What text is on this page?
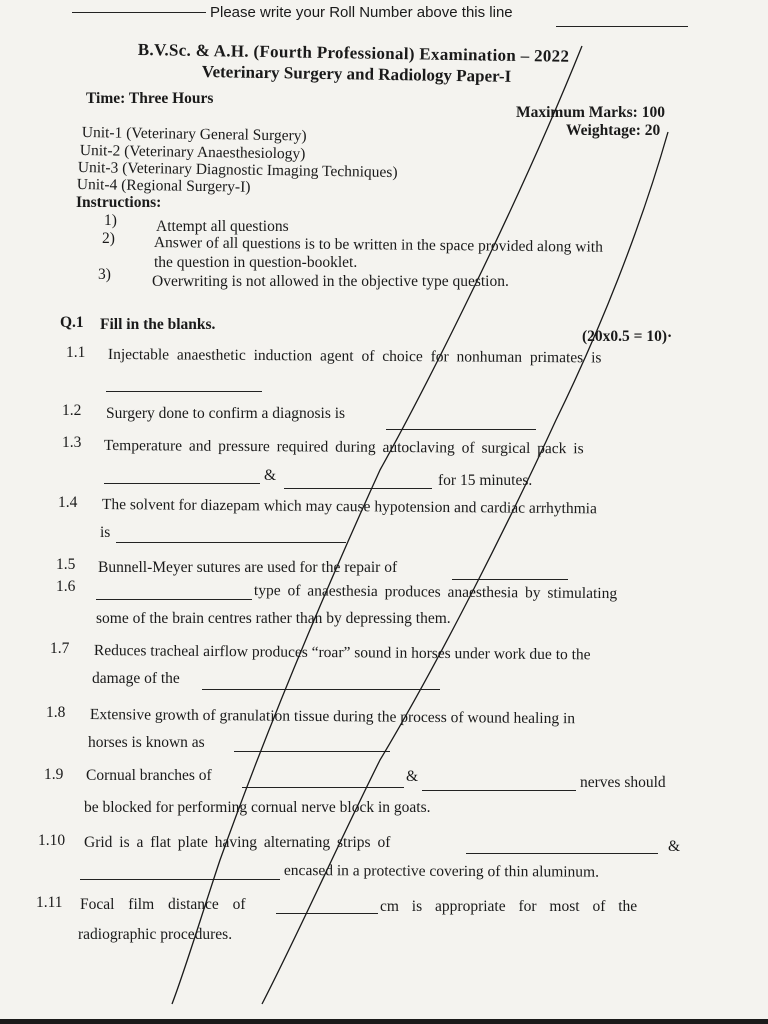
Please write your Roll Number above this line
B.V.Sc. & A.H. (Fourth Professional) Examination – 2022
Veterinary Surgery and Radiology Paper-I
Time: Three Hours
Maximum Marks: 100
Weightage: 20
Unit-1 (Veterinary General Surgery)
Unit-2 (Veterinary Anaesthesiology)
Unit-3 (Veterinary Diagnostic Imaging Techniques)
Unit-4 (Regional Surgery-I)
Instructions:
1)	Attempt all questions
2)	Answer of all questions is to be written in the space provided along with
the question in question-booklet.
3)	Overwriting is not allowed in the objective type question.
Q.1 Fill in the blanks.
(20x0.5 = 10)·
1.1 Injectable anaesthetic induction agent of choice for nonhuman primates is
1.2 Surgery done to confirm a diagnosis is
1.3 Temperature and pressure required during autoclaving of surgical pack is
&	for 15 minutes.
1.4 The solvent for diazepam which may cause hypotension and cardiac arrhythmia
is
1.5 Bunnell-Meyer sutures are used for the repair of
1.6	type of anaesthesia produces anaesthesia by stimulating
some of the brain centres rather than by depressing them.
1.7 Reduces tracheal airflow produces “roar” sound in horses under work due to the
damage of the
1.8 Extensive growth of granulation tissue during the process of wound healing in
horses is known as
1.9 Cornual branches of	&	nerves should
be blocked for performing cornual nerve block in goats.
1.10 Grid is a flat plate having alternating strips of	&
encased in a protective covering of thin aluminum.
1.11 Focal film distance of	cm is appropriate for most of the
radiographic procedures.
